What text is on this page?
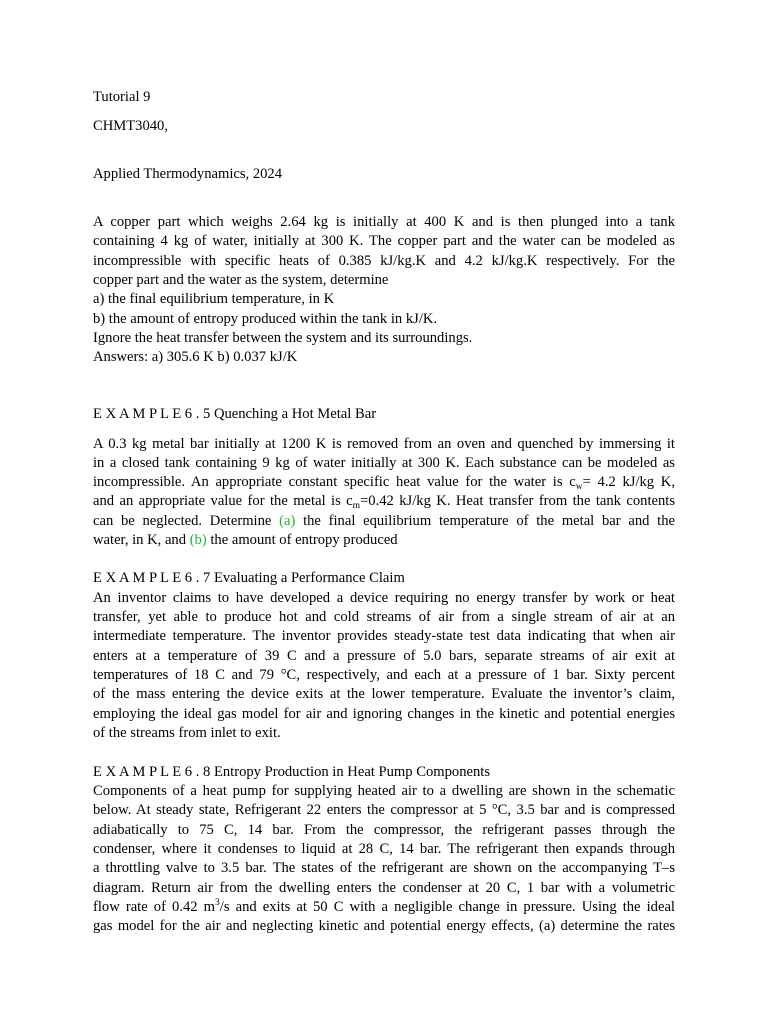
Tutorial 9
CHMT3040,
Applied Thermodynamics, 2024
A copper part which weighs 2.64 kg is initially at 400 K and is then plunged into a tank
containing 4 kg of water, initially at 300 K. The copper part and the water can be modeled as
incompressible with specific heats of 0.385 kJ/kg.K and 4.2 kJ/kg.K respectively. For the
copper part and the water as the system, determine
a) the final equilibrium temperature, in K
b) the amount of entropy produced within the tank in kJ/K.
Ignore the heat transfer between the system and its surroundings.
Answers: a) 305.6 K b) 0.037 kJ/K
E X A M P L E 6 . 5 Quenching a Hot Metal Bar
A 0.3 kg metal bar initially at 1200 K is removed from an oven and quenched by immersing it
in a closed tank containing 9 kg of water initially at 300 K. Each substance can be modeled as
incompressible. An appropriate constant specific heat value for the water is $c_w= 4.2$ kJ/kg K,
and an appropriate value for the metal is $c_m=0.42$ kJ/kg K. Heat transfer from the tank contents
can be neglected. Determine (a) the final equilibrium temperature of the metal bar and the
water, in K, and (b) the amount of entropy produced
E X A M P L E 6 . 7 Evaluating a Performance Claim
An inventor claims to have developed a device requiring no energy transfer by work or heat
transfer, yet able to produce hot and cold streams of air from a single stream of air at an
intermediate temperature. The inventor provides steady-state test data indicating that when air
enters at a temperature of 39 C and a pressure of 5.0 bars, separate streams of air exit at
temperatures of 18 C and 79 °C, respectively, and each at a pressure of 1 bar. Sixty percent
of the mass entering the device exits at the lower temperature. Evaluate the inventor’s claim,
employing the ideal gas model for air and ignoring changes in the kinetic and potential energies
of the streams from inlet to exit.
E X A M P L E 6 . 8 Entropy Production in Heat Pump Components
Components of a heat pump for supplying heated air to a dwelling are shown in the schematic
below. At steady state, Refrigerant 22 enters the compressor at 5 °C, 3.5 bar and is compressed
adiabatically to 75 C, 14 bar. From the compressor, the refrigerant passes through the
condenser, where it condenses to liquid at 28 C, 14 bar. The refrigerant then expands through
a throttling valve to 3.5 bar. The states of the refrigerant are shown on the accompanying T–s
diagram. Return air from the dwelling enters the condenser at 20 C, 1 bar with a volumetric
flow rate of 0.42 $m^3/s$ and exits at 50 C with a negligible change in pressure. Using the ideal
gas model for the air and neglecting kinetic and potential energy effects, (a) determine the rates
